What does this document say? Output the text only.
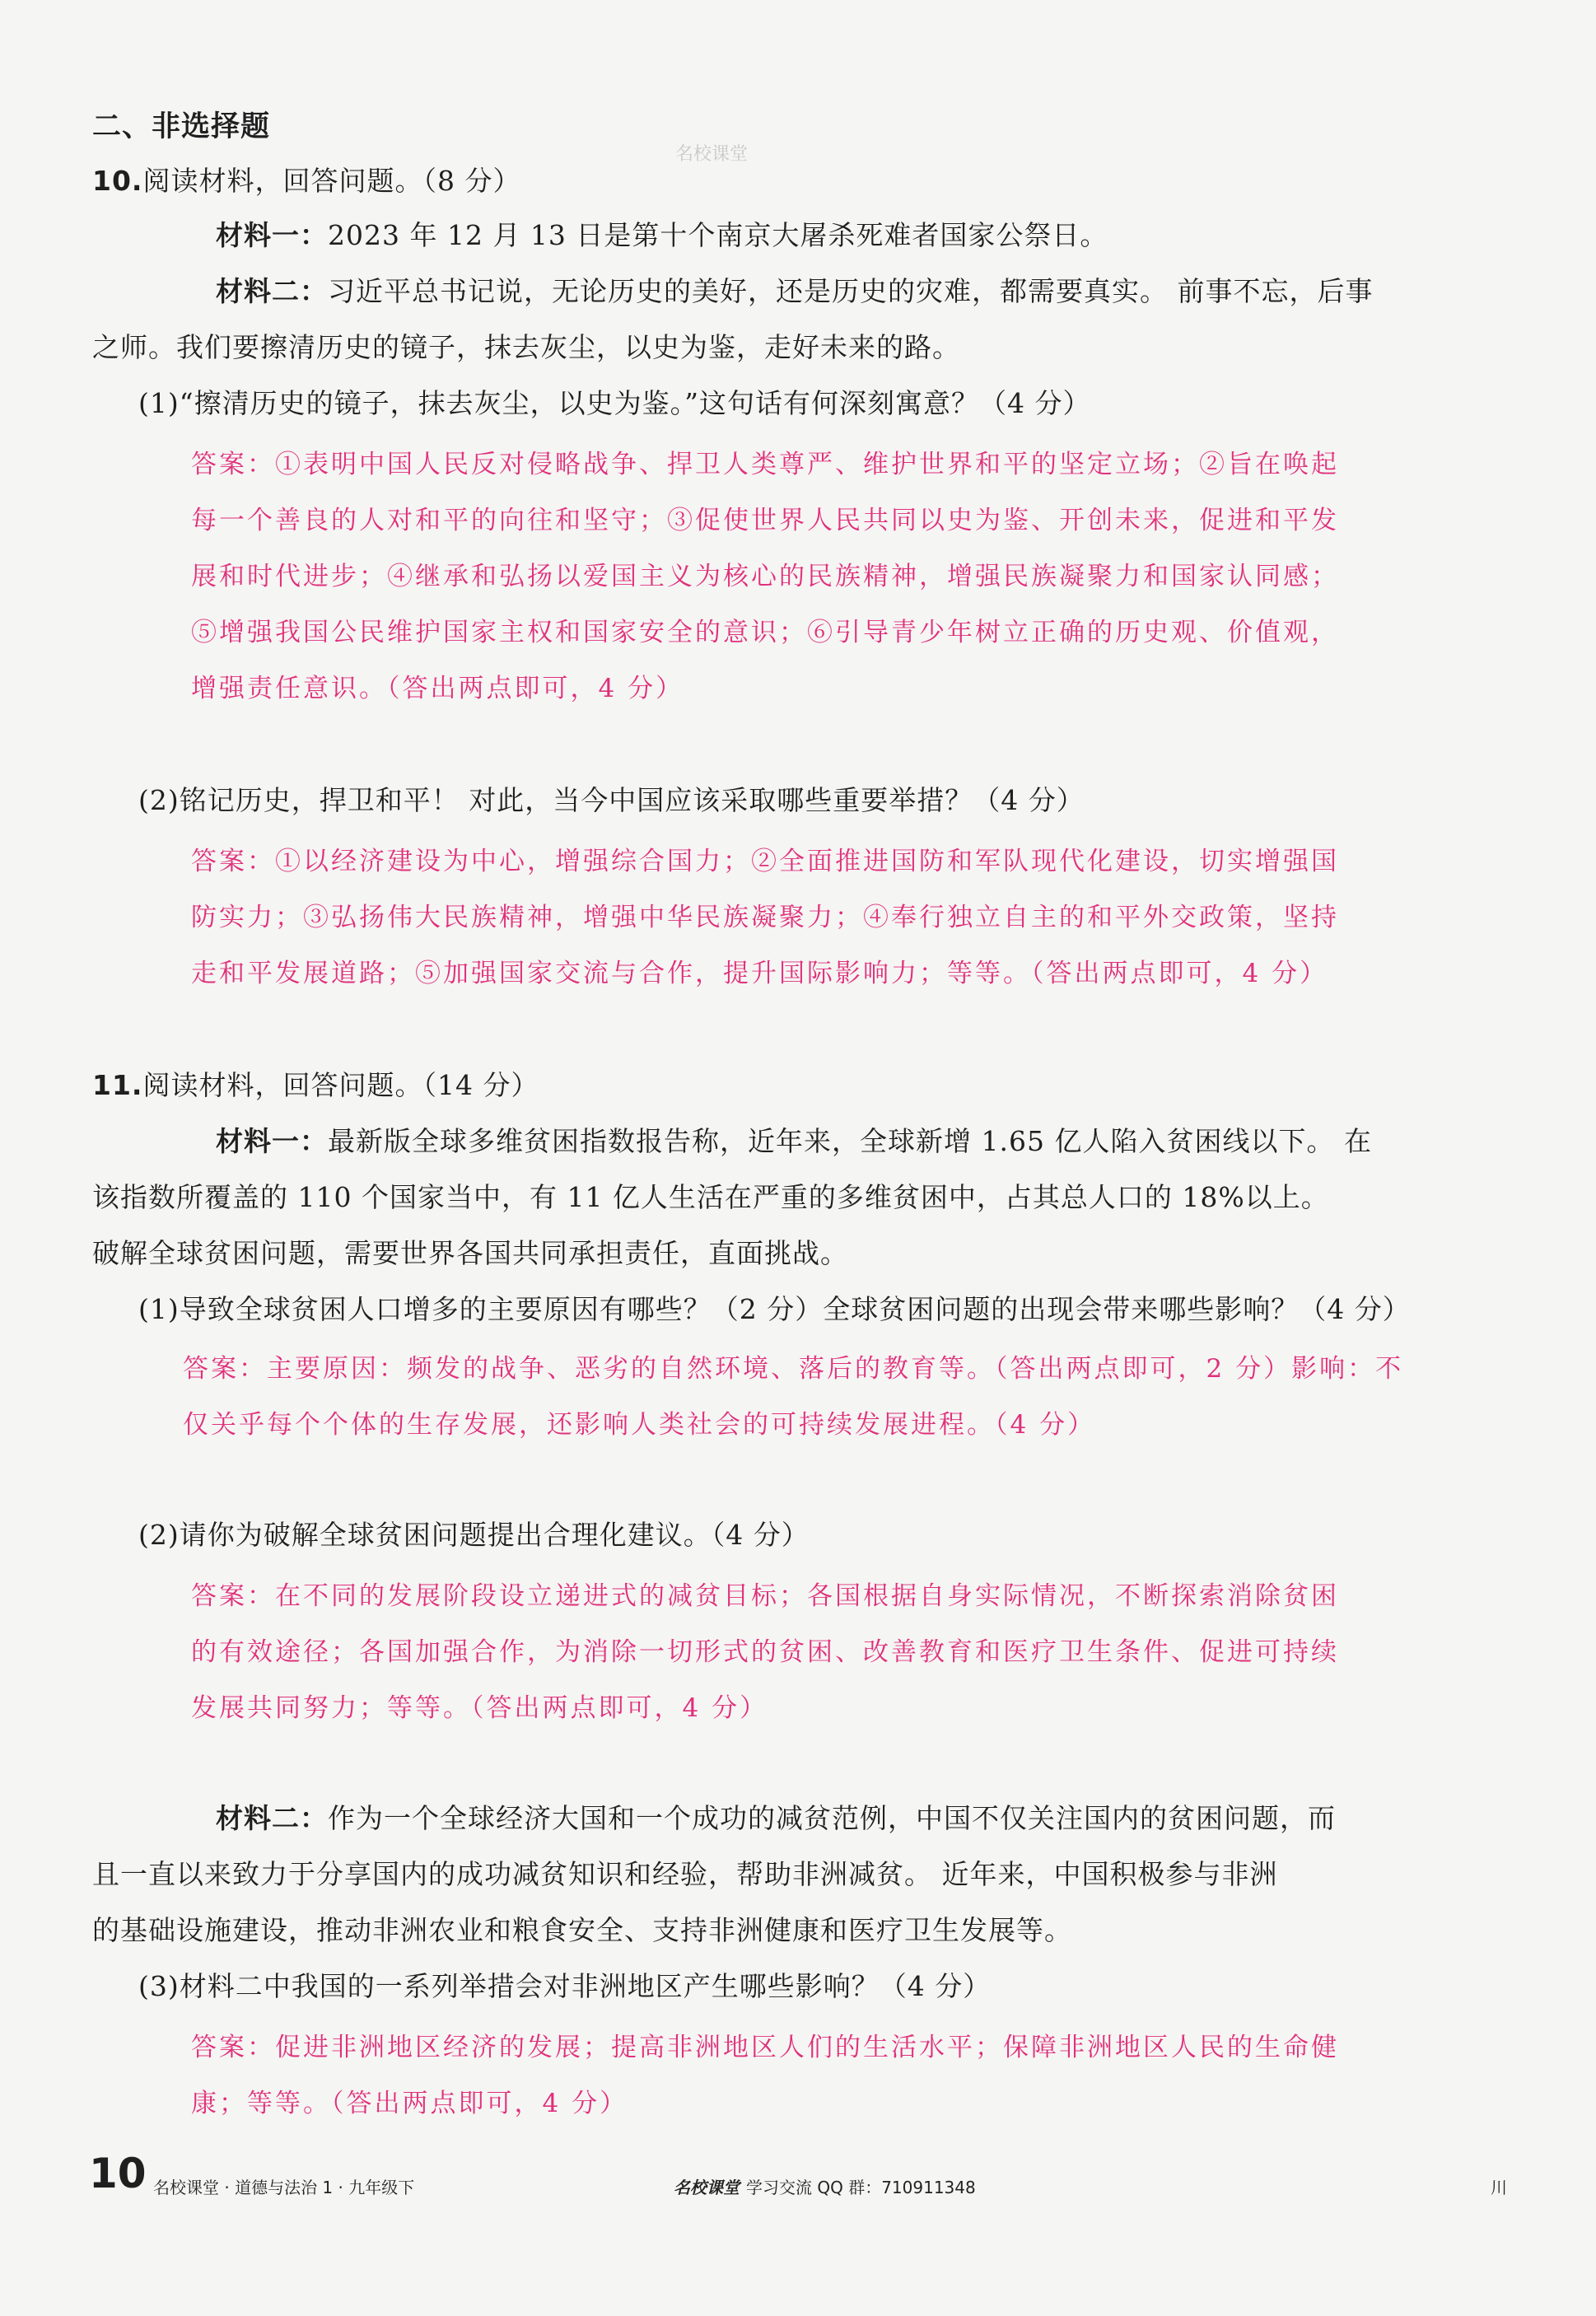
二、非选择题
名校课堂
10.阅读材料，回答问题。（8 分）
材料一：2023 年 12 月 13 日是第十个南京大屠杀死难者国家公祭日。
材料二：习近平总书记说，无论历史的美好，还是历史的灾难，都需要真实。 前事不忘，后事
之师。我们要擦清历史的镜子，抹去灰尘，以史为鉴，走好未来的路。
(1)“擦清历史的镜子，抹去灰尘，以史为鉴。”这句话有何深刻寓意？（4 分）
答案：①表明中国人民反对侵略战争、捍卫人类尊严、维护世界和平的坚定立场；②旨在唤起
每一个善良的人对和平的向往和坚守；③促使世界人民共同以史为鉴、开创未来，促进和平发
展和时代进步；④继承和弘扬以爱国主义为核心的民族精神，增强民族凝聚力和国家认同感；
⑤增强我国公民维护国家主权和国家安全的意识；⑥引导青少年树立正确的历史观、价值观，
增强责任意识。（答出两点即可，4 分）
(2)铭记历史，捍卫和平！ 对此，当今中国应该采取哪些重要举措？（4 分）
答案：①以经济建设为中心，增强综合国力；②全面推进国防和军队现代化建设，切实增强国
防实力；③弘扬伟大民族精神，增强中华民族凝聚力；④奉行独立自主的和平外交政策，坚持
走和平发展道路；⑤加强国家交流与合作，提升国际影响力；等等。（答出两点即可，4 分）
11.阅读材料，回答问题。（14 分）
材料一：最新版全球多维贫困指数报告称，近年来，全球新增 1.65 亿人陷入贫困线以下。 在
该指数所覆盖的 110 个国家当中，有 11 亿人生活在严重的多维贫困中，占其总人口的 18%以上。
破解全球贫困问题，需要世界各国共同承担责任，直面挑战。
(1)导致全球贫困人口增多的主要原因有哪些？（2 分）全球贫困问题的出现会带来哪些影响？（4 分）
答案：主要原因：频发的战争、恶劣的自然环境、落后的教育等。（答出两点即可，2 分）影响：不
仅关乎每个个体的生存发展，还影响人类社会的可持续发展进程。（4 分）
(2)请你为破解全球贫困问题提出合理化建议。（4 分）
答案：在不同的发展阶段设立递进式的减贫目标；各国根据自身实际情况，不断探索消除贫困
的有效途径；各国加强合作，为消除一切形式的贫困、改善教育和医疗卫生条件、促进可持续
发展共同努力；等等。（答出两点即可，4 分）
材料二：作为一个全球经济大国和一个成功的减贫范例，中国不仅关注国内的贫困问题，而
且一直以来致力于分享国内的成功减贫知识和经验，帮助非洲减贫。 近年来，中国积极参与非洲
的基础设施建设，推动非洲农业和粮食安全、支持非洲健康和医疗卫生发展等。
(3)材料二中我国的一系列举措会对非洲地区产生哪些影响？（4 分）
答案：促进非洲地区经济的发展；提高非洲地区人们的生活水平；保障非洲地区人民的生命健
康；等等。（答出两点即可，4 分）
10 名校课堂 · 道德与法治 1 · 九年级下	名校课堂 学习交流 QQ 群：710911348	川
